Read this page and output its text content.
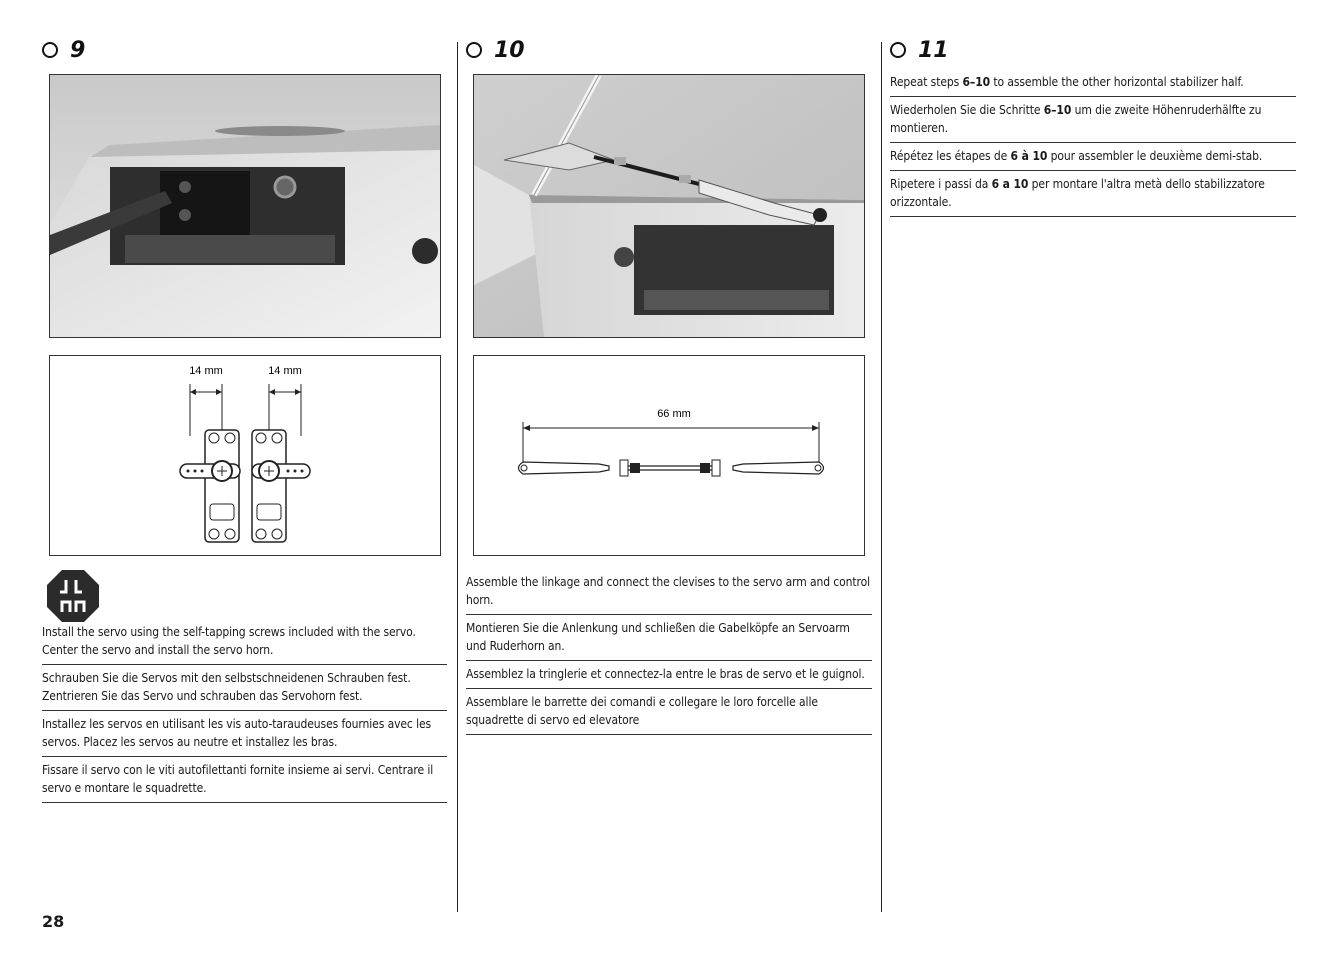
9
14 mm	14 mm
Install the servo using the self-tapping screws included with the servo. Center the servo and install the servo horn.
Schrauben Sie die Servos mit den selbstschneidenen Schrauben fest. Zentrieren Sie das Servo und schrauben das Servohorn fest.
Installez les servos en utilisant les vis auto-taraudeuses fournies avec les servos. Placez les servos au neutre et installez les bras.
Fissare il servo con le viti autofilettanti fornite insieme ai servi. Centrare il servo e montare le squadrette.
10
66 mm
Assemble the linkage and connect the clevises to the servo arm and control horn.
Montieren Sie die Anlenkung und schließen die Gabelköpfe an Servoarm und Ruderhorn an.
Assemblez la tringlerie et connectez-la entre le bras de servo et le guignol.
Assemblare le barrette dei comandi e collegare le loro forcelle alle squadrette di servo ed elevatore
11
Repeat steps 6–10 to assemble the other horizontal stabilizer half.
Wiederholen Sie die Schritte 6–10 um die zweite Höhenruderhälfte zu montieren.
Répétez les étapes de 6 à 10 pour assembler le deuxième demi-stab.
Ripetere i passi da 6 a 10 per montare l'altra metà dello stabilizzatore orizzontale.
28
